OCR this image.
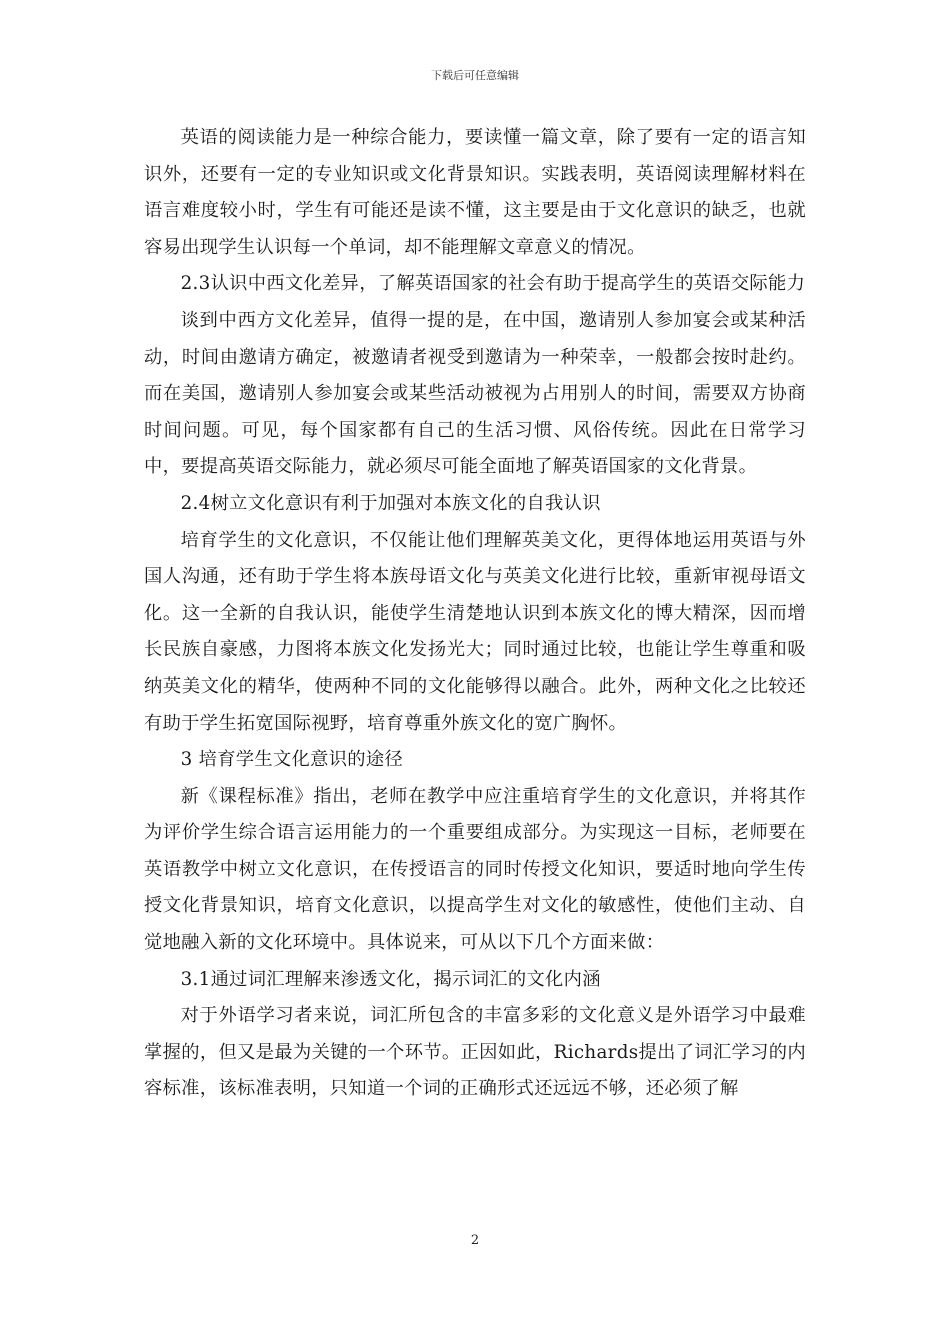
下载后可任意编辑

英语的阅读能力是一种综合能力，要读懂一篇文章，除了要有一定的语言知识外，还要有一定的专业知识或文化背景知识。实践表明，英语阅读理解材料在语言难度较小时，学生有可能还是读不懂，这主要是由于文化意识的缺乏，也就容易出现学生认识每一个单词，却不能理解文章意义的情况。

2.3认识中西文化差异，了解英语国家的社会有助于提高学生的英语交际能力

谈到中西方文化差异，值得一提的是，在中国，邀请别人参加宴会或某种活动，时间由邀请方确定，被邀请者视受到邀请为一种荣幸，一般都会按时赴约。而在美国，邀请别人参加宴会或某些活动被视为占用别人的时间，需要双方协商时间问题。可见，每个国家都有自己的生活习惯、风俗传统。因此在日常学习中，要提高英语交际能力，就必须尽可能全面地了解英语国家的文化背景。

2.4树立文化意识有利于加强对本族文化的自我认识

培育学生的文化意识，不仅能让他们理解英美文化，更得体地运用英语与外国人沟通，还有助于学生将本族母语文化与英美文化进行比较，重新审视母语文化。这一全新的自我认识，能使学生清楚地认识到本族文化的博大精深，因而增长民族自豪感，力图将本族文化发扬光大；同时通过比较，也能让学生尊重和吸纳英美文化的精华，使两种不同的文化能够得以融合。此外，两种文化之比较还有助于学生拓宽国际视野，培育尊重外族文化的宽广胸怀。

3 培育学生文化意识的途径

新《课程标准》指出，老师在教学中应注重培育学生的文化意识，并将其作为评价学生综合语言运用能力的一个重要组成部分。为实现这一目标，老师要在英语教学中树立文化意识，在传授语言的同时传授文化知识，要适时地向学生传授文化背景知识，培育文化意识，以提高学生对文化的敏感性，使他们主动、自觉地融入新的文化环境中。具体说来，可从以下几个方面来做：

3.1通过词汇理解来渗透文化，揭示词汇的文化内涵

对于外语学习者来说，词汇所包含的丰富多彩的文化意义是外语学习中最难掌握的，但又是最为关键的一个环节。正因如此，Richards提出了词汇学习的内容标准，该标准表明，只知道一个词的正确形式还远远不够，还必须了解

2
